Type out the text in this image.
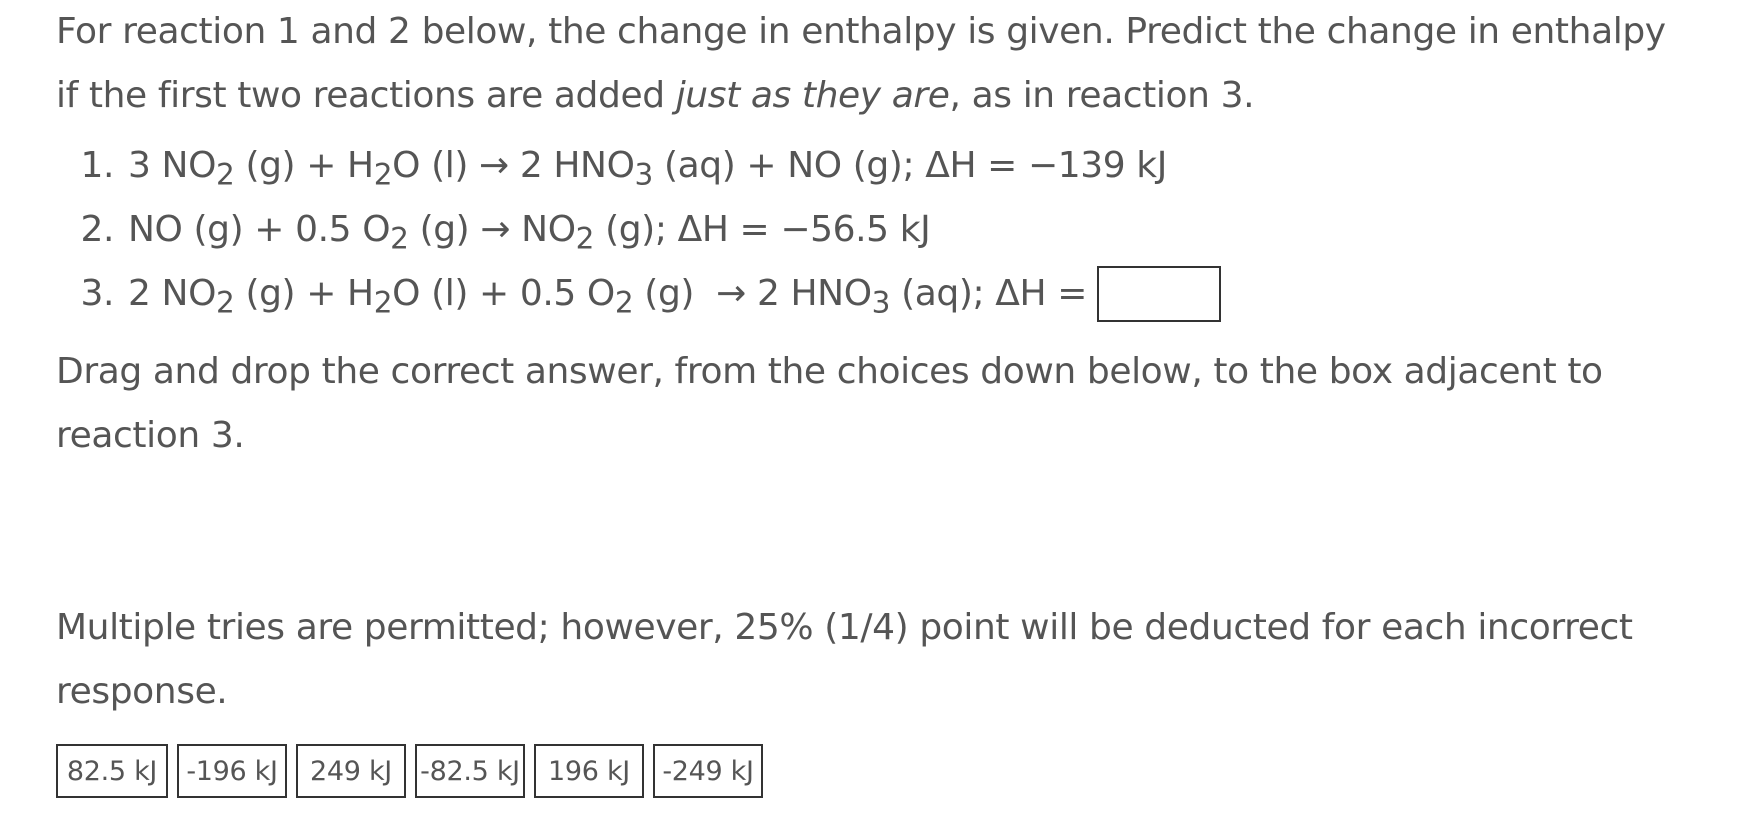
For reaction 1 and 2 below, the change in enthalpy is given. Predict the change in enthalpy if the first two reactions are added just as they are, as in reaction 3.

1. 3 $NO_2$ $(g) + H_2O$ (l) → 2 $HNO_3$ (aq) + NO (g); ΔH = −139 kJ
2. NO (g) + 0.5 $O_2$ $(g) \to NO_2$ (g); ΔH = −56.5 kJ
3. 2 $NO_2$ $(g) + H_2O$ (l) + 0.5 $O_2$ (g)  → 2 $HNO_3$ (aq); ΔH =

Drag and drop the correct answer, from the choices down below, to the box adjacent to reaction 3.

Multiple tries are permitted; however, 25% (1/4) point will be deducted for each incorrect response.

82.5 kJ	-196 kJ	249 kJ	-82.5 kJ	196 kJ	-249 kJ
